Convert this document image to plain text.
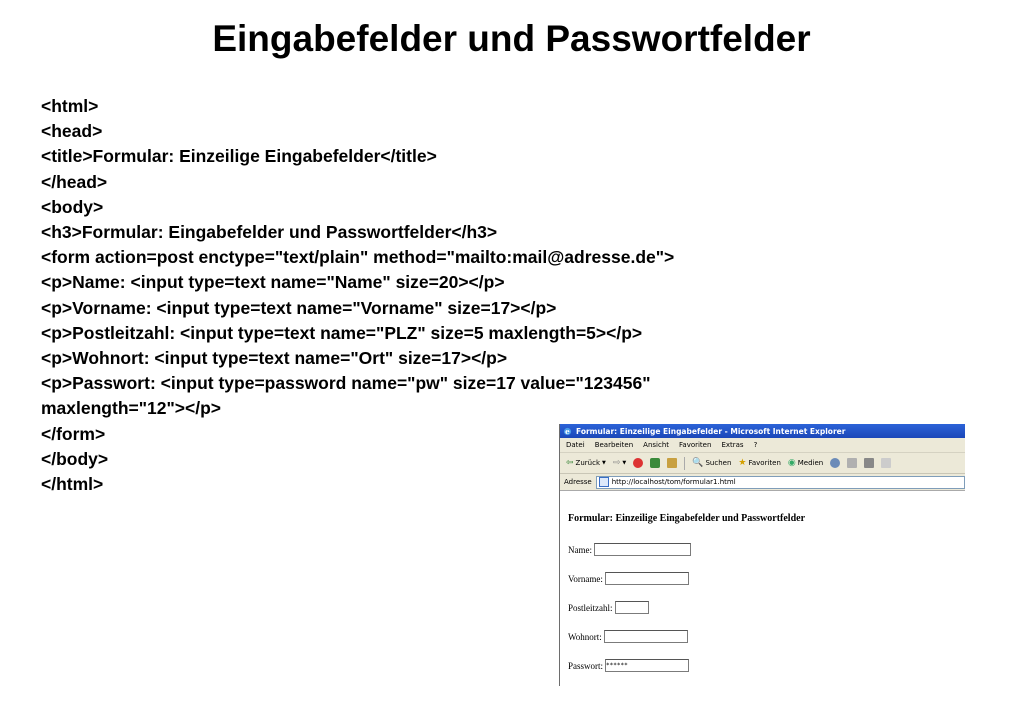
Eingabefelder und Passwortfelder
<html>
<head>
<title>Formular: Einzeilige Eingabefelder</title>
</head>
<body>
<h3>Formular: Eingabefelder und Passwortfelder</h3>
<form action=post enctype="text/plain" method="mailto:mail@adresse.de">
<p>Name: <input type=text name="Name" size=20></p>
<p>Vorname: <input type=text name="Vorname" size=17></p>
<p>Postleitzahl: <input type=text name="PLZ" size=5 maxlength=5></p>
<p>Wohnort: <input type=text name="Ort" size=17></p>
<p>Passwort: <input type=password name="pw" size=17 value="123456"
maxlength="12"></p>
</form>
</body>
</html>
e Formular: Einzeilige Eingabefelder - Microsoft Internet Explorer
Datei Bearbeiten Ansicht Favoriten Extras ?
⇦ Zurück ▼ ⇨ ▼	🔍 Suchen ★ Favoriten ◉ Medien
Adresse	http://localhost/tom/formular1.html
Formular: Einzeilige Eingabefelder und Passwortfelder
Name:
Vorname:
Postleitzahl:
Wohnort:
Passwort: ******
